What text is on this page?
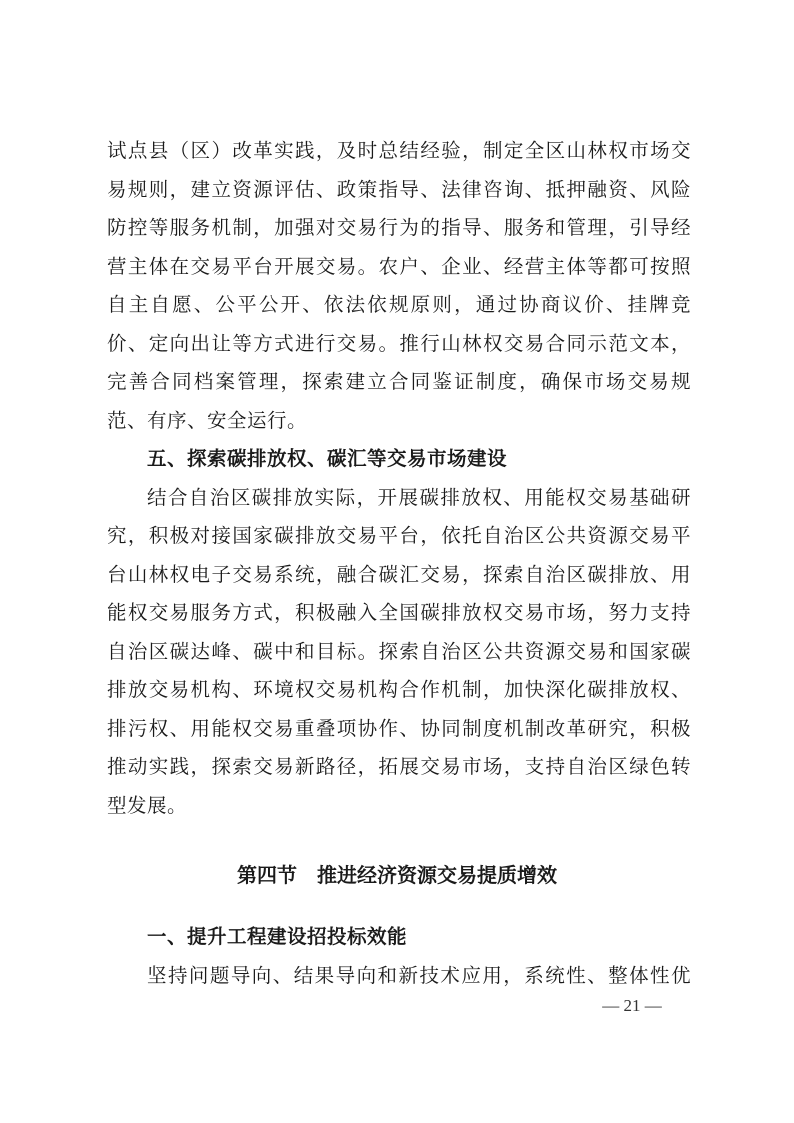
试点县（区）改革实践，及时总结经验，制定全区山林权市场交
易规则，建立资源评估、政策指导、法律咨询、抵押融资、风险
防控等服务机制，加强对交易行为的指导、服务和管理，引导经
营主体在交易平台开展交易。农户、企业、经营主体等都可按照
自主自愿、公平公开、依法依规原则，通过协商议价、挂牌竞
价、定向出让等方式进行交易。推行山林权交易合同示范文本，
完善合同档案管理，探索建立合同鉴证制度，确保市场交易规
范、有序、安全运行。
五、探索碳排放权、碳汇等交易市场建设
结合自治区碳排放实际，开展碳排放权、用能权交易基础研
究，积极对接国家碳排放交易平台，依托自治区公共资源交易平
台山林权电子交易系统，融合碳汇交易，探索自治区碳排放、用
能权交易服务方式，积极融入全国碳排放权交易市场，努力支持
自治区碳达峰、碳中和目标。探索自治区公共资源交易和国家碳
排放交易机构、环境权交易机构合作机制，加快深化碳排放权、
排污权、用能权交易重叠项协作、协同制度机制改革研究，积极
推动实践，探索交易新路径，拓展交易市场，支持自治区绿色转
型发展。
第四节　推进经济资源交易提质增效
一、提升工程建设招投标效能
坚持问题导向、结果导向和新技术应用，系统性、整体性优
— 21 —
